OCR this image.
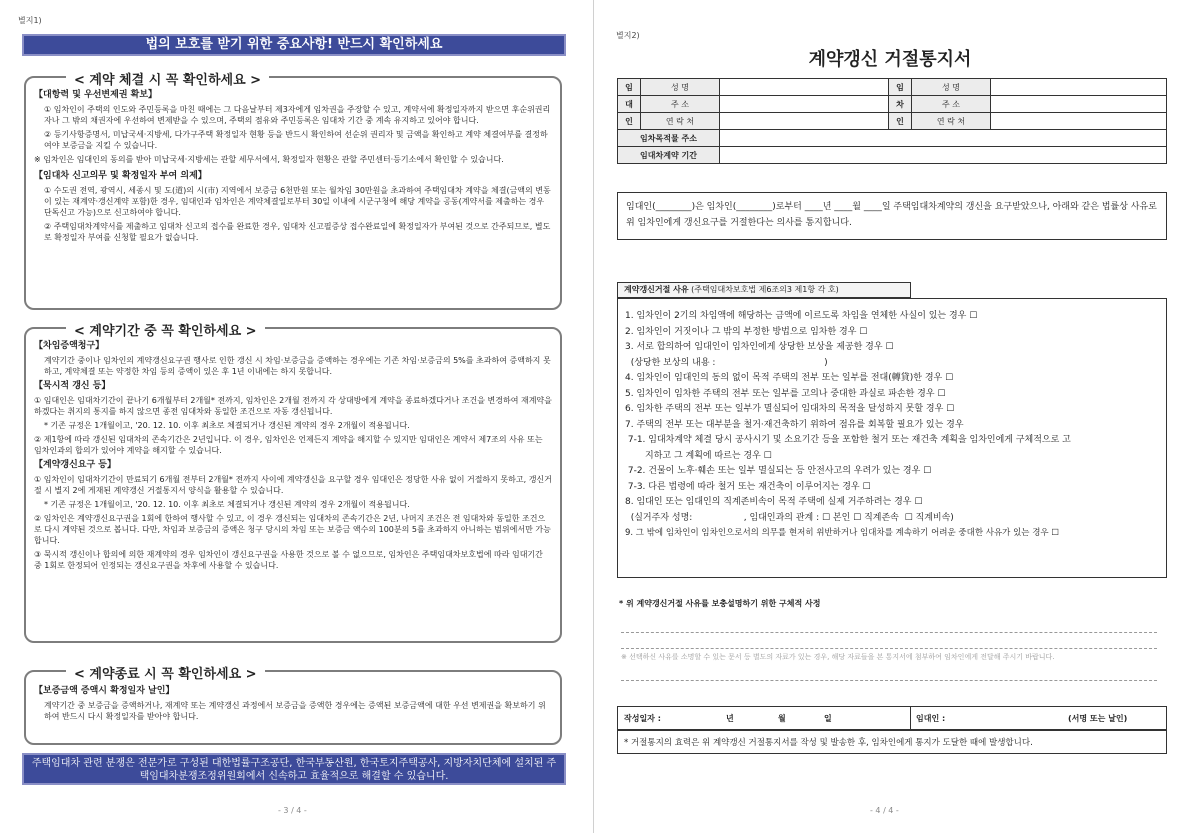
별지1)
법의 보호를 받기 위한 중요사항! 반드시 확인하세요
< 계약 체결 시 꼭 확인하세요 >
【대항력 및 우선변제권 확보】

① 임차인이 주택의 인도와 주민등록을 마친 때에는 그 다음날부터 제3자에게 임차권을 주장할 수 있고, 계약서에 확정일자까지 받으면 후순위권리자나 그 밖의 채권자에 우선하여 변제받을 수 있으며, 주택의 점유와 주민등록은 임대차 기간 중 계속 유지하고 있어야 합니다.

② 등기사항증명서, 미납국세·지방세, 다가구주택 확정일자 현황 등을 반드시 확인하여 선순위 권리자 및 금액을 확인하고 계약 체결여부를 결정하여야 보증금을 지킬 수 있습니다.

※ 임차인은 임대인의 동의를 받아 미납국세·지방세는 관할 세무서에서, 확정일자 현황은 관할 주민센터·등기소에서 확인할 수 있습니다.

【임대차 신고의무 및 확정일자 부여 의제】

① 수도권 전역, 광역시, 세종시 및 도(道)의 시(市) 지역에서 보증금 6천만원 또는 월차임 30만원을 초과하여 주택임대차 계약을 체결(금액의 변동이 있는 재계약·갱신계약 포함)한 경우, 임대인과 임차인은 계약체결일로부터 30일 이내에 시군구청에 해당 계약을 공동(계약서를 제출하는 경우 단독신고 가능)으로 신고하여야 합니다.

② 주택임대차계약서를 제출하고 임대차 신고의 접수를 완료한 경우, 임대차 신고필증상 접수완료일에 확정일자가 부여된 것으로 간주되므로, 별도로 확정일자 부여를 신청할 필요가 없습니다.

< 계약기간 중 꼭 확인하세요 >
【차임증액청구】

계약기간 중이나 임차인의 계약갱신요구권 행사로 인한 갱신 시 차임·보증금을 증액하는 경우에는 기존 차임·보증금의 5%를 초과하여 증액하지 못하고, 계약체결 또는 약정한 차임 등의 증액이 있은 후 1년 이내에는 하지 못합니다.

【묵시적 갱신 등】

① 임대인은 임대차기간이 끝나기 6개월부터 2개월* 전까지, 임차인은 2개월 전까지 각 상대방에게 계약을 종료하겠다거나 조건을 변경하여 재계약을 하겠다는 취지의 통지를 하지 않으면 종전 임대차와 동일한 조건으로 자동 갱신됩니다.

* 기존 규정은 1개월이고, '20. 12. 10. 이후 최초로 체결되거나 갱신된 계약의 경우 2개월이 적용됩니다.

② 제1항에 따라 갱신된 임대차의 존속기간은 2년입니다. 이 경우, 임차인은 언제든지 계약을 해지할 수 있지만 임대인은 계약서 제7조의 사유 또는 임차인과의 합의가 있어야 계약을 해지할 수 있습니다.

【계약갱신요구 등】

① 임차인이 임대차기간이 만료되기 6개월 전부터 2개월* 전까지 사이에 계약갱신을 요구할 경우 임대인은 정당한 사유 없이 거절하지 못하고, 갱신거절 시 별지 2에 게재된 계약갱신 거절통지서 양식을 활용할 수 있습니다.

* 기존 규정은 1개월이고, '20. 12. 10. 이후 최초로 체결되거나 갱신된 계약의 경우 2개월이 적용됩니다.

② 임차인은 계약갱신요구권을 1회에 한하여 행사할 수 있고, 이 경우 갱신되는 임대차의 존속기간은 2년, 나머지 조건은 전 임대차와 동일한 조건으로 다시 계약된 것으로 봅니다. 다만, 차임과 보증금의 증액은 청구 당시의 차임 또는 보증금 액수의 100분의 5를 초과하지 아니하는 범위에서만 가능합니다.

③ 묵시적 갱신이나 합의에 의한 재계약의 경우 임차인이 갱신요구권을 사용한 것으로 볼 수 없으므로, 임차인은 주택임대차보호법에 따라 임대기간 중 1회로 한정되어 인정되는 갱신요구권을 차후에 사용할 수 있습니다.

< 계약종료 시 꼭 확인하세요 >
【보증금액 증액시 확정일자 날인】

계약기간 중 보증금을 증액하거나, 재계약 또는 계약갱신 과정에서 보증금을 증액한 경우에는 증액된 보증금액에 대한 우선 변제권을 확보하기 위하여 반드시 다시 확정일자를 받아야 합니다.

주택임대차 관련 분쟁은 전문가로 구성된 대한법률구조공단, 한국부동산원, 한국토지주택공사, 지방자치단체에 설치된 주택임대차분쟁조정위원회에서 신속하고 효율적으로 해결할 수 있습니다.
- 3 / 4 -
별지2)
계약갱신 거절통지서
임	성 명		임	성 명	
대	주 소		차	주 소	
인	연 락 처		인	연 락 처	
임차목적물 주소					
임대차계약 기간					
임대인(________)은 임차인(________)로부터 ____년 ____월 ____일 주택임대차계약의 갱신을 요구받았으나, 아래와 같은 법률상 사유로 위 임차인에게 갱신요구를 거절한다는 의사를 통지합니다.
계약갱신거절 사유 (주택임대차보호법 제6조의3 제1항 각 호)
1. 임차인이 2기의 차임액에 해당하는 금액에 이르도록 차임을 연체한 사실이 있는 경우 ☐
2. 임차인이 거짓이나 그 밖의 부정한 방법으로 임차한 경우 ☐
3. 서로 합의하여 임대인이 임차인에게 상당한 보상을 제공한 경우 ☐
(상당한 보상의 내용 :                                      )
4. 임차인이 임대인의 동의 없이 목적 주택의 전부 또는 일부를 전대(轉貸)한 경우 ☐
5. 임차인이 임차한 주택의 전부 또는 일부를 고의나 중대한 과실로 파손한 경우 ☐
6. 임차한 주택의 전부 또는 일부가 멸실되어 임대차의 목적을 달성하지 못할 경우 ☐
7. 주택의 전부 또는 대부분을 철거·재건축하기 위하여 점유를 회복할 필요가 있는 경우
7-1. 임대차계약 체결 당시 공사시기 및 소요기간 등을 포함한 철거 또는 재건축 계획을 임차인에게 구체적으로 고
지하고 그 계획에 따르는 경우 ☐
7-2. 건물이 노후·훼손 또는 일부 멸실되는 등 안전사고의 우려가 있는 경우 ☐
7-3. 다른 법령에 따라 철거 또는 재건축이 이루어지는 경우 ☐
8. 임대인 또는 임대인의 직계존비속이 목적 주택에 실제 거주하려는 경우 ☐
(실거주자 성명:                  , 임대인과의 관계 : ☐ 본인 ☐ 직계존속  ☐ 직계비속)
9. 그 밖에 임차인이 임차인으로서의 의무를 현저히 위반하거나 임대차를 계속하기 어려운 중대한 사유가 있는 경우 ☐
* 위 계약갱신거절 사유를 보충설명하기 위한 구체적 사정
※ 선택하신 사유를 소명할 수 있는 문서 등 별도의 자료가 있는 경우, 해당 자료들을 본 통지서에 첨부하여 임차인에게 전달해 주시기 바랍니다.
작성일자 :	년	월	일	임대인 :	(서명 또는 날인)
* 거절통지의 효력은 위 계약갱신 거절통지서를 작성 및 발송한 후, 임차인에게 통지가 도달한 때에 발생합니다.
- 4 / 4 -
